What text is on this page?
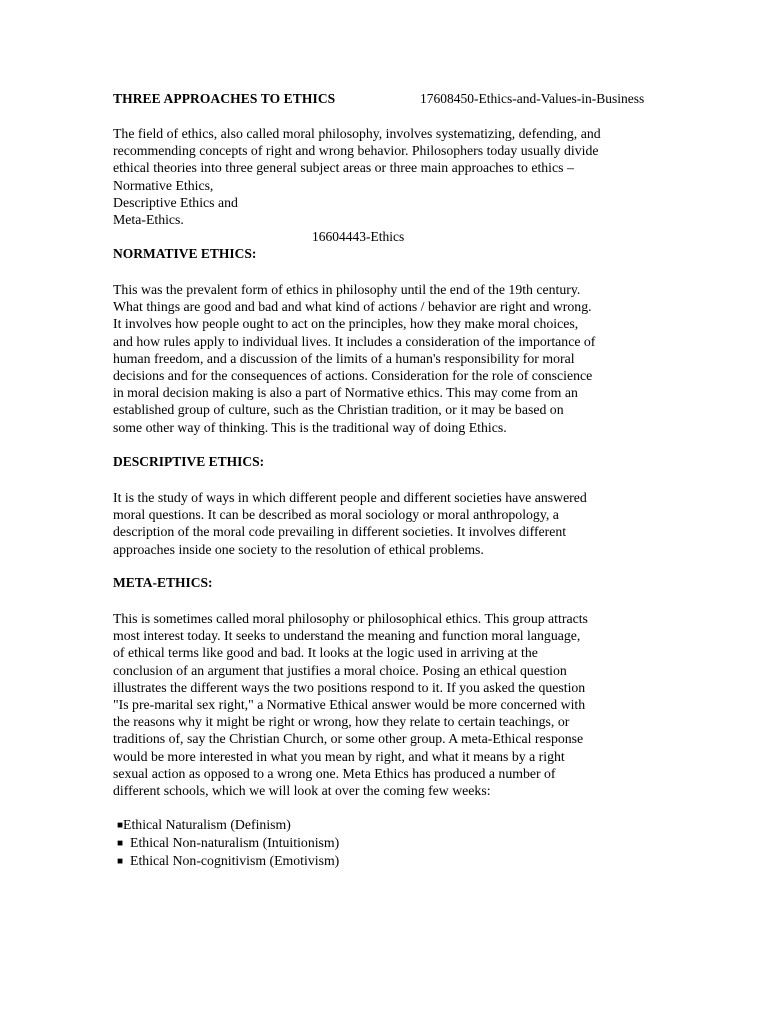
THREE APPROACHES TO ETHICS	17608450-Ethics-and-Values-in-Business
The field of ethics, also called moral philosophy, involves systematizing, defending, and
recommending concepts of right and wrong behavior. Philosophers today usually divide
ethical theories into three general subject areas or three main approaches to ethics –
Normative Ethics,
Descriptive Ethics and
Meta-Ethics.
16604443-Ethics
NORMATIVE ETHICS:
This was the prevalent form of ethics in philosophy until the end of the 19th century.
What things are good and bad and what kind of actions / behavior are right and wrong.
It involves how people ought to act on the principles, how they make moral choices,
and how rules apply to individual lives. It includes a consideration of the importance of
human freedom, and a discussion of the limits of a human's responsibility for moral
decisions and for the consequences of actions. Consideration for the role of conscience
in moral decision making is also a part of Normative ethics. This may come from an
established group of culture, such as the Christian tradition, or it may be based on
some other way of thinking. This is the traditional way of doing Ethics.
DESCRIPTIVE ETHICS:
It is the study of ways in which different people and different societies have answered
moral questions. It can be described as moral sociology or moral anthropology, a
description of the moral code prevailing in different societies. It involves different
approaches inside one society to the resolution of ethical problems.
META-ETHICS:
This is sometimes called moral philosophy or philosophical ethics. This group attracts
most interest today. It seeks to understand the meaning and function moral language,
of ethical terms like good and bad. It looks at the logic used in arriving at the
conclusion of an argument that justifies a moral choice. Posing an ethical question
illustrates the different ways the two positions respond to it. If you asked the question
"Is pre-marital sex right," a Normative Ethical answer would be more concerned with
the reasons why it might be right or wrong, how they relate to certain teachings, or
traditions of, say the Christian Church, or some other group. A meta-Ethical response
would be more interested in what you mean by right, and what it means by a right
sexual action as opposed to a wrong one. Meta Ethics has produced a number of
different schools, which we will look at over the coming few weeks:
■Ethical Naturalism (Definism)
■ Ethical Non-naturalism (Intuitionism)
■ Ethical Non-cognitivism (Emotivism)
